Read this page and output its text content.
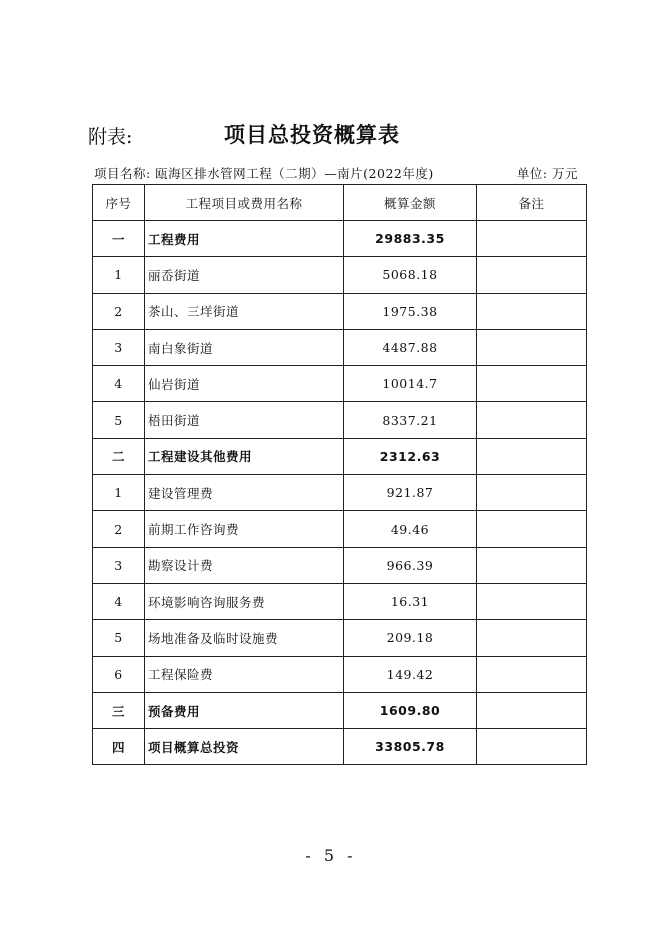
附表:	项目总投资概算表
项目名称: 瓯海区排水管网工程（二期）—南片(2022年度)	单位: 万元
序号	工程项目或费用名称	概算金额	备注
一	工程费用	29883.35	
1	丽岙街道	5068.18	
2	茶山、三垟街道	1975.38	
3	南白象街道	4487.88	
4	仙岩街道	10014.7	
5	梧田街道	8337.21	
二	工程建设其他费用	2312.63	
1	建设管理费	921.87	
2	前期工作咨询费	49.46	
3	勘察设计费	966.39	
4	环境影响咨询服务费	16.31	
5	场地准备及临时设施费	209.18	
6	工程保险费	149.42	
三	预备费用	1609.80	
四	项目概算总投资	33805.78	
- 5 -
